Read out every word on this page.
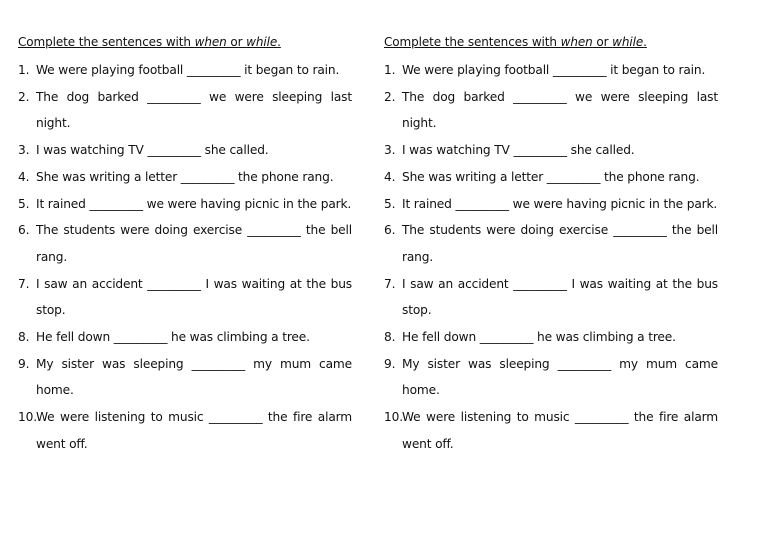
Complete the sentences with when or while.
1. We were playing football _________ it began to rain.
2. The dog barked _________ we were sleeping last night.
3. I was watching TV _________ she called.
4. She was writing a letter _________ the phone rang.
5. It rained _________ we were having picnic in the park.
6. The students were doing exercise _________ the bell rang.
7. I saw an accident _________ I was waiting at the bus stop.
8. He fell down _________ he was climbing a tree.
9. My sister was sleeping _________ my mum came home.
10. We were listening to music _________ the fire alarm went off.
Complete the sentences with when or while.
1. We were playing football _________ it began to rain.
2. The dog barked _________ we were sleeping last night.
3. I was watching TV _________ she called.
4. She was writing a letter _________ the phone rang.
5. It rained _________ we were having picnic in the park.
6. The students were doing exercise _________ the bell rang.
7. I saw an accident _________ I was waiting at the bus stop.
8. He fell down _________ he was climbing a tree.
9. My sister was sleeping _________ my mum came home.
10. We were listening to music _________ the fire alarm went off.
